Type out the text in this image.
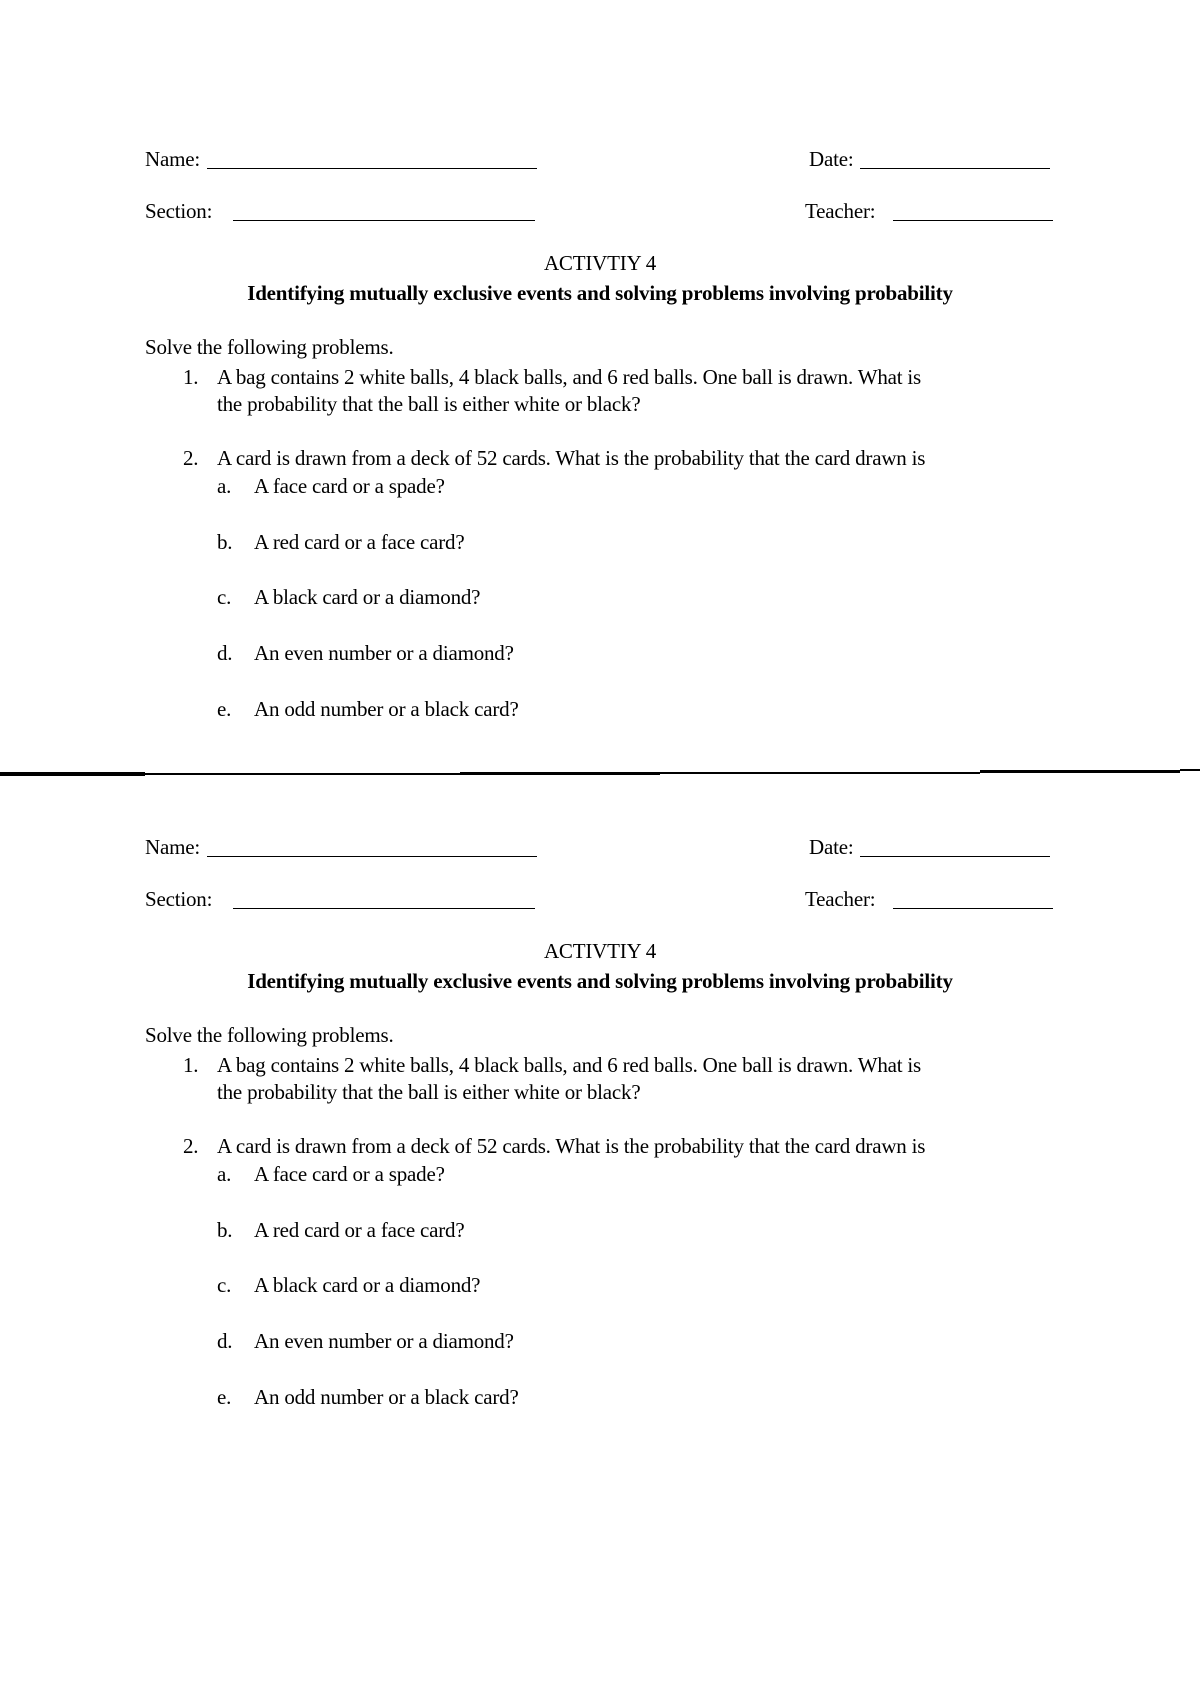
Name:	Date:
Section:	Teacher:
ACTIVTIY 4
Identifying mutually exclusive events and solving problems involving probability
Solve the following problems.
1. A bag contains 2 white balls, 4 black balls, and 6 red balls. One ball is drawn. What is
the probability that the ball is either white or black?
2. A card is drawn from a deck of 52 cards. What is the probability that the card drawn is
a. A face card or a spade?
b. A red card or a face card?
c. A black card or a diamond?
d. An even number or a diamond?
e. An odd number or a black card?
Name:	Date:
Section:	Teacher:
ACTIVTIY 4
Identifying mutually exclusive events and solving problems involving probability
Solve the following problems.
1. A bag contains 2 white balls, 4 black balls, and 6 red balls. One ball is drawn. What is
the probability that the ball is either white or black?
2. A card is drawn from a deck of 52 cards. What is the probability that the card drawn is
a. A face card or a spade?
b. A red card or a face card?
c. A black card or a diamond?
d. An even number or a diamond?
e. An odd number or a black card?
